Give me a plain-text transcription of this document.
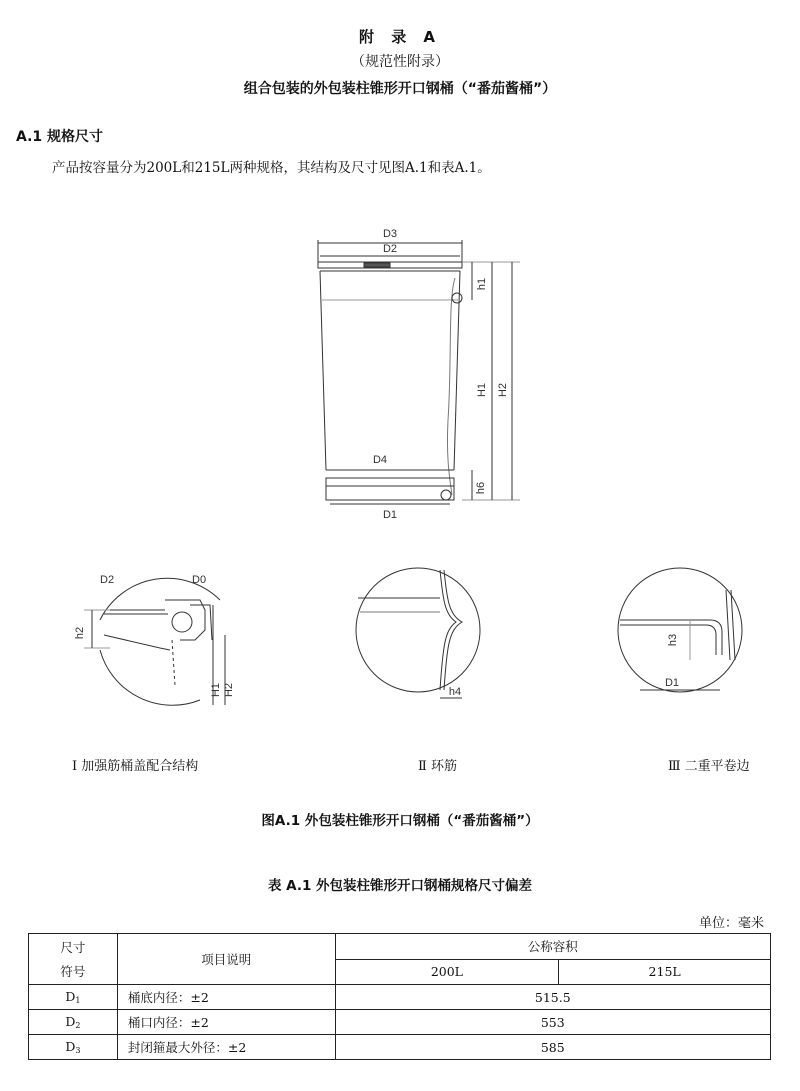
附 录 A
（规范性附录）
组合包装的外包装柱锥形开口钢桶（“番茄酱桶”）
A.1 规格尺寸
产品按容量分为200L和215L两种规格，其结构及尺寸见图A.1和表A.1。
D3
D2
D4
D1
h1
H1 H2
h6
D2	D0
h2
H1 H2	h4
h3
D1
Ⅰ 加强筋桶盖配合结构	Ⅱ 环筋	Ⅲ 二重平卷边
图A.1 外包装柱锥形开口钢桶（“番茄酱桶”）
表 A.1 外包装柱锥形开口钢桶规格尺寸偏差
单位：毫米
尺寸
符号	项目说明	公称容积	
		200L	215L
$D_1$	桶底内径：±2	515.5	
$D_2$	桶口内径：±2	553	
$D_3$	封闭箍最大外径：±2	585	
